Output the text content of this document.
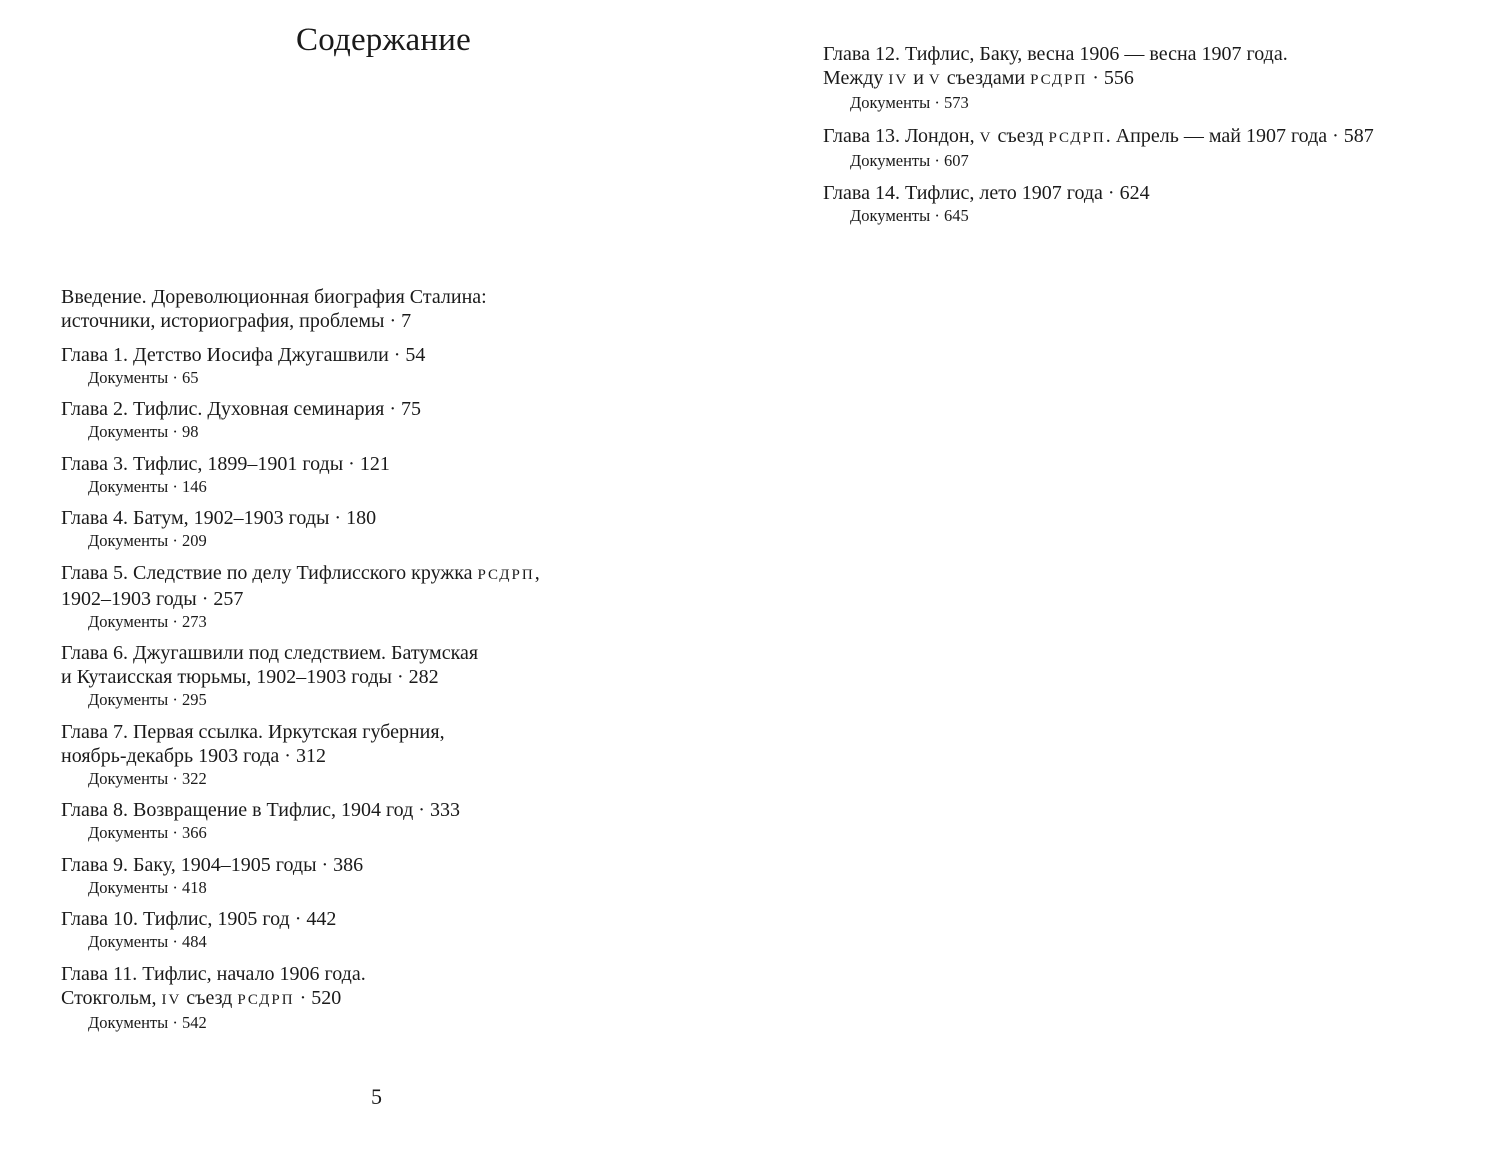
Содержание
Введение. Дореволюционная биография Сталина:
источники, историография, проблемы · 7
Глава 1. Детство Иосифа Джугашвили · 54
Документы · 65
Глава 2. Тифлис. Духовная семинария · 75
Документы · 98
Глава 3. Тифлис, 1899–1901 годы · 121
Документы · 146
Глава 4. Батум, 1902–1903 годы · 180
Документы · 209
Глава 5. Следствие по делу Тифлисского кружка РСДРП,
1902–1903 годы · 257
Документы · 273
Глава 6. Джугашвили под следствием. Батумская
и Кутаисская тюрьмы, 1902–1903 годы · 282
Документы · 295
Глава 7. Первая ссылка. Иркутская губерния,
ноябрь-декабрь 1903 года · 312
Документы · 322
Глава 8. Возвращение в Тифлис, 1904 год · 333
Документы · 366
Глава 9. Баку, 1904–1905 годы · 386
Документы · 418
Глава 10. Тифлис, 1905 год · 442
Документы · 484
Глава 11. Тифлис, начало 1906 года.
Стокгольм, IV съезд РСДРП · 520
Документы · 542
5
Глава 12. Тифлис, Баку, весна 1906 — весна 1907 года.
Между IV и V съездами РСДРП · 556
Документы · 573
Глава 13. Лондон, V съезд РСДРП. Апрель — май 1907 года · 587
Документы · 607
Глава 14. Тифлис, лето 1907 года · 624
Документы · 645
